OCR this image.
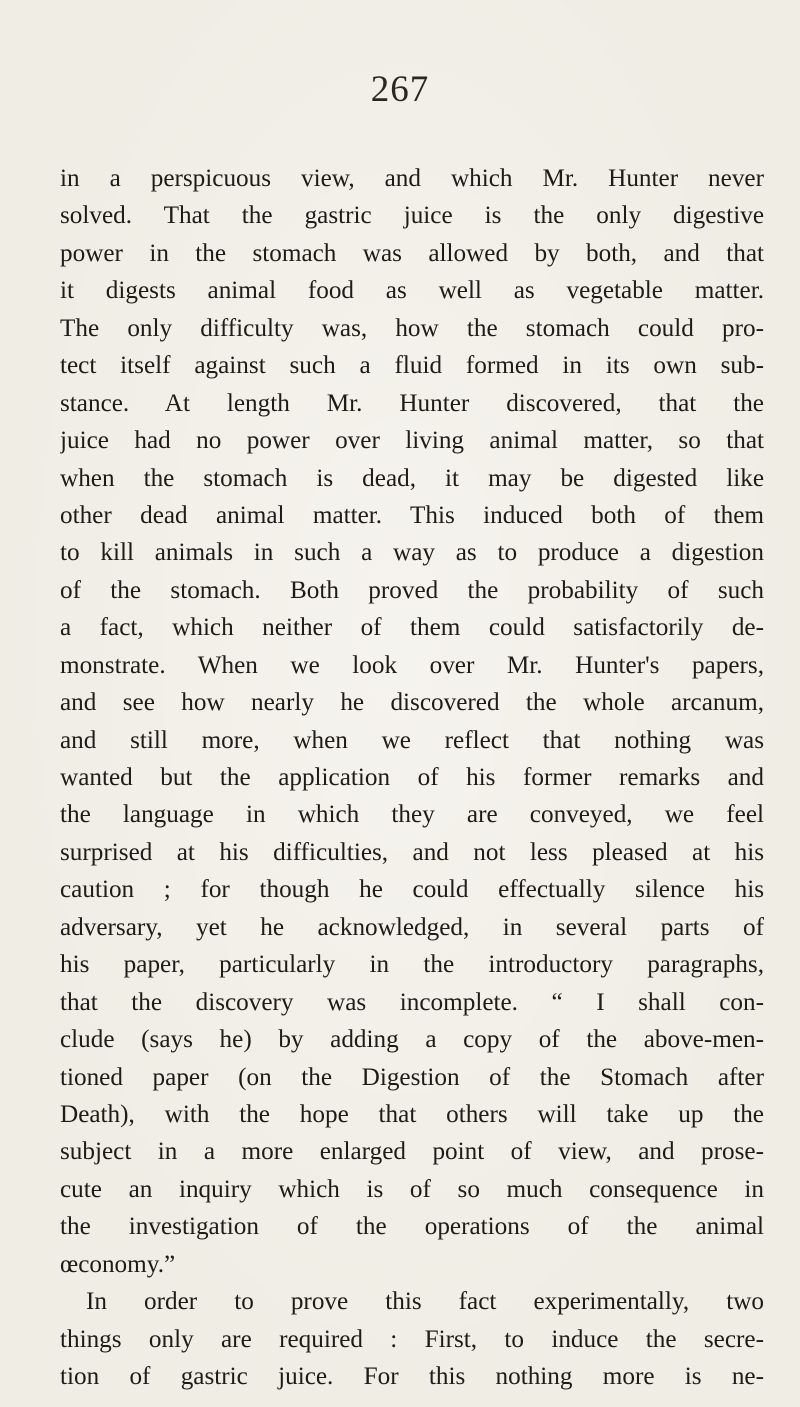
267
in a perspicuous view, and which Mr. Hunter never
solved. That the gastric juice is the only digestive
power in the stomach was allowed by both, and that
it digests animal food as well as vegetable matter.
The only difficulty was, how the stomach could pro-
tect itself against such a fluid formed in its own sub-
stance. At length Mr. Hunter discovered, that the
juice had no power over living animal matter, so that
when the stomach is dead, it may be digested like
other dead animal matter. This induced both of them
to kill animals in such a way as to produce a digestion
of the stomach. Both proved the probability of such
a fact, which neither of them could satisfactorily de-
monstrate. When we look over Mr. Hunter's papers,
and see how nearly he discovered the whole arcanum,
and still more, when we reflect that nothing was
wanted but the application of his former remarks and
the language in which they are conveyed, we feel
surprised at his difficulties, and not less pleased at his
caution ; for though he could effectually silence his
adversary, yet he acknowledged, in several parts of
his paper, particularly in the introductory paragraphs,
that the discovery was incomplete. “ I shall con-
clude (says he) by adding a copy of the above-men-
tioned paper (on the Digestion of the Stomach after
Death), with the hope that others will take up the
subject in a more enlarged point of view, and prose-
cute an inquiry which is of so much consequence in
the investigation of the operations of the animal
œconomy.”
In order to prove this fact experimentally, two
things only are required : First, to induce the secre-
tion of gastric juice. For this nothing more is ne-
